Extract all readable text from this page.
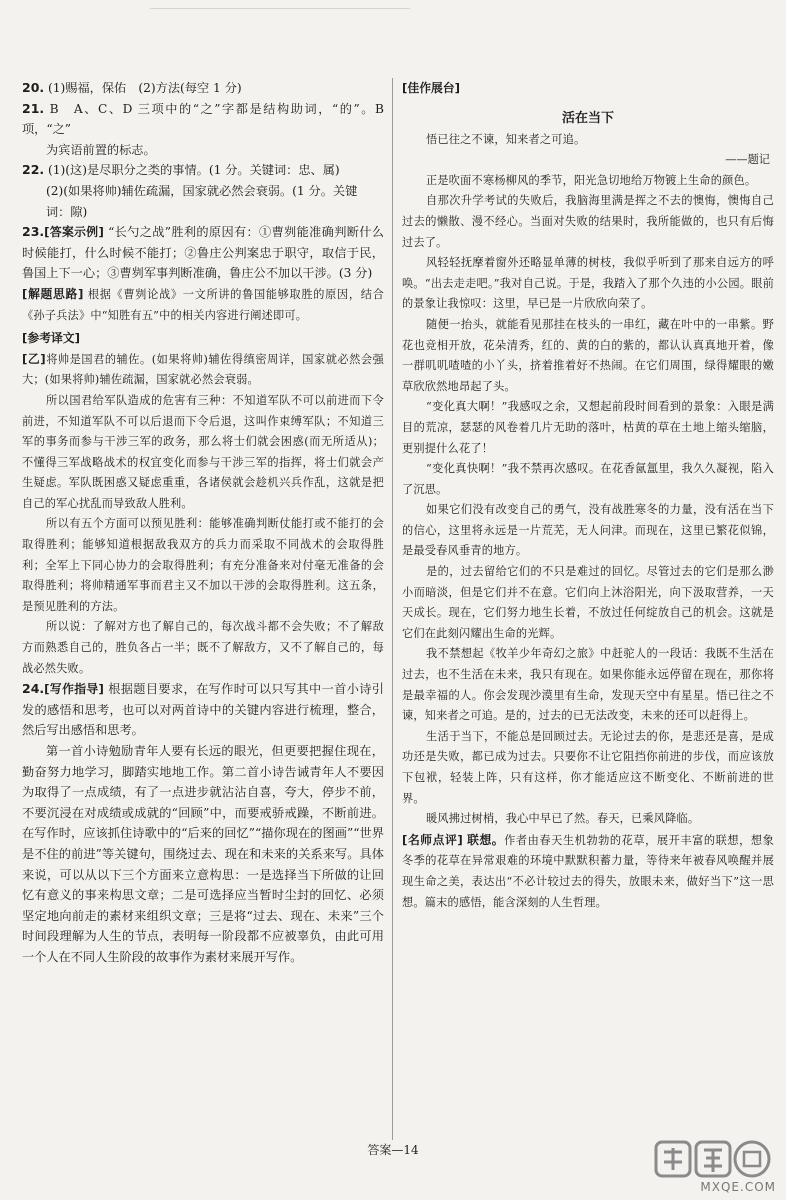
20. (1)赐福，保佑　(2)方法(每空 1 分)

21. B　A、C、D 三项中的“之”字都是结构助词，“的”。B 项，“之”

为宾语前置的标志。

22. (1)(这)是尽职分之类的事情。(1 分。关键词：忠、属)

(2)(如果将帅)辅佐疏漏，国家就必然会衰弱。(1 分。关键

词：隙)

23.[答案示例] “长勺之战”胜利的原因有：①曹刿能准确判断什么时候能打，什么时候不能打；②鲁庄公判案忠于职守，取信于民，鲁国上下一心；③曹刿军事判断准确，鲁庄公不加以干涉。(3 分)

[解题思路] 根据《曹刿论战》一文所讲的鲁国能够取胜的原因，结合《孙子兵法》中“知胜有五”中的相关内容进行阐述即可。

[参考译文]

[乙]将帅是国君的辅佐。(如果将帅)辅佐得缜密周详，国家就必然会强大；(如果将帅)辅佐疏漏，国家就必然会衰弱。

所以国君给军队造成的危害有三种：不知道军队不可以前进而下令前进，不知道军队不可以后退而下令后退，这叫作束缚军队；不知道三军的事务而参与干涉三军的政务，那么将士们就会困惑(而无所适从)；不懂得三军战略战术的权宜变化而参与干涉三军的指挥，将士们就会产生疑虑。军队既困惑又疑虑重重，各诸侯就会趁机兴兵作乱，这就是把自己的军心扰乱而导致敌人胜利。

所以有五个方面可以预见胜利：能够准确判断仗能打或不能打的会取得胜利；能够知道根据敌我双方的兵力而采取不同战术的会取得胜利；全军上下同心协力的会取得胜利；有充分准备来对付毫无准备的会取得胜利；将帅精通军事而君主又不加以干涉的会取得胜利。这五条，是预见胜利的方法。

所以说：了解对方也了解自己的，每次战斗都不会失败；不了解敌方而熟悉自己的，胜负各占一半；既不了解敌方，又不了解自己的，每战必然失败。

24.[写作指导] 根据题目要求，在写作时可以只写其中一首小诗引发的感悟和思考，也可以对两首诗中的关键内容进行梳理，整合，然后写出感悟和思考。

第一首小诗勉励青年人要有长远的眼光，但更要把握住现在，勤奋努力地学习，脚踏实地地工作。第二首小诗告诫青年人不要因为取得了一点成绩，有了一点进步就沾沾自喜，夸大，停步不前，不要沉浸在对成绩或成就的“回顾”中，而要戒骄戒躁，不断前进。在写作时，应该抓住诗歌中的“后来的回忆”“描你现在的图画”“世界是不住的前进”等关键句，围绕过去、现在和未来的关系来写。具体来说，可以从以下三个方面来立意构思：一是选择当下所做的让回忆有意义的事来构思文章；二是可选择应当暂时尘封的回忆、必须坚定地向前走的素材来组织文章；三是将“过去、现在、未来”三个时间段理解为人生的节点，表明每一阶段都不应被辜负，由此可用一个人在不同人生阶段的故事作为素材来展开写作。

[佳作展台]

活在当下

悟已往之不谏，知来者之可追。

——题记

正是吹面不寒杨柳风的季节，阳光急切地给万物镀上生命的颜色。

自那次升学考试的失败后，我脑海里满是挥之不去的懊悔，懊悔自己过去的懒散、漫不经心。当面对失败的结果时，我所能做的，也只有后悔过去了。

风轻轻抚摩着窗外还略显单薄的树枝，我似乎听到了那来自远方的呼唤。“出去走走吧。”我对自己说。于是，我踏入了那个久违的小公园。眼前的景象让我惊叹：这里，早已是一片欣欣向荣了。

随便一抬头，就能看见那挂在枝头的一串红，藏在叶中的一串紫。野花也竞相开放，花朵清秀，红的、黄的白的紫的，都认认真真地开着，像一群叽叽喳喳的小丫头，挤着推着好不热闹。在它们周围，绿得耀眼的嫩草欣欣然地昂起了头。

“变化真大啊！”我感叹之余，又想起前段时间看到的景象：入眼是满目的荒凉，瑟瑟的风卷着几片无助的落叶，枯黄的草在土地上缩头缩脑，更别提什么花了！

“变化真快啊！”我不禁再次感叹。在花香氤氲里，我久久凝视，陷入了沉思。

如果它们没有改变自己的勇气，没有战胜寒冬的力量，没有活在当下的信心，这里将永远是一片荒芜，无人问津。而现在，这里已繁花似锦，是最受春风垂青的地方。

是的，过去留给它们的不只是难过的回忆。尽管过去的它们是那么渺小而暗淡，但是它们并不在意。它们向上沐浴阳光，向下汲取营养，一天天成长。现在，它们努力地生长着，不放过任何绽放自己的机会。这就是它们在此刻闪耀出生命的光辉。

我不禁想起《牧羊少年奇幻之旅》中赶驼人的一段话：我既不生活在过去，也不生活在未来，我只有现在。如果你能永远停留在现在，那你将是最幸福的人。你会发现沙漠里有生命，发现天空中有星星。悟已往之不谏，知来者之可追。是的，过去的已无法改变，未来的还可以赶得上。

生活于当下，不能总是回顾过去。无论过去的你，是悲还是喜，是成功还是失败，都已成为过去。只要你不让它阻挡你前进的步伐，而应该放下包袱，轻装上阵，只有这样，你才能适应这不断变化、不断前进的世界。

暖风拂过树梢，我心中早已了然。春天，已乘风降临。

[名师点评] 联想。作者由春天生机勃勃的花草，展开丰富的联想，想象冬季的花草在异常艰难的环境中默默积蓄力量，等待来年被春风唤醒并展现生命之美，表达出“不必计较过去的得失，放眼未来，做好当下”这一思想。篇末的感悟，能含深刻的人生哲理。

答案—14
MXQE.COM
